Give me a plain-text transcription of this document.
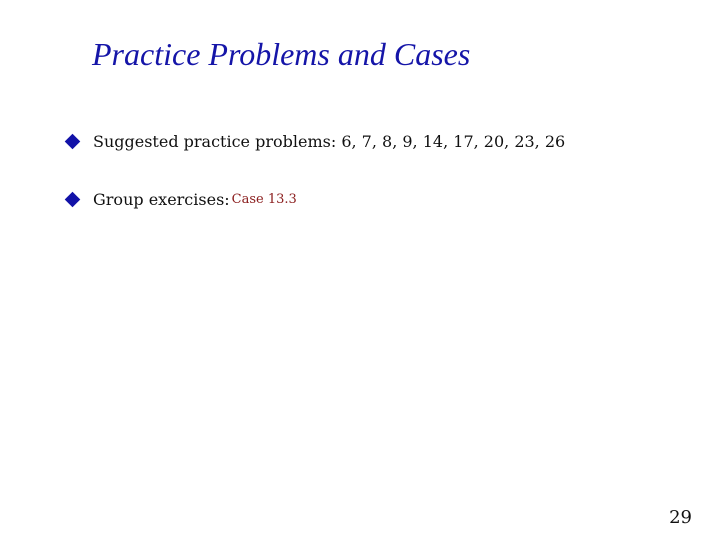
Practice Problems and Cases
Suggested practice problems: 6, 7, 8, 9, 14, 17, 20, 23, 26
Group exercises: Case 13.3
29
